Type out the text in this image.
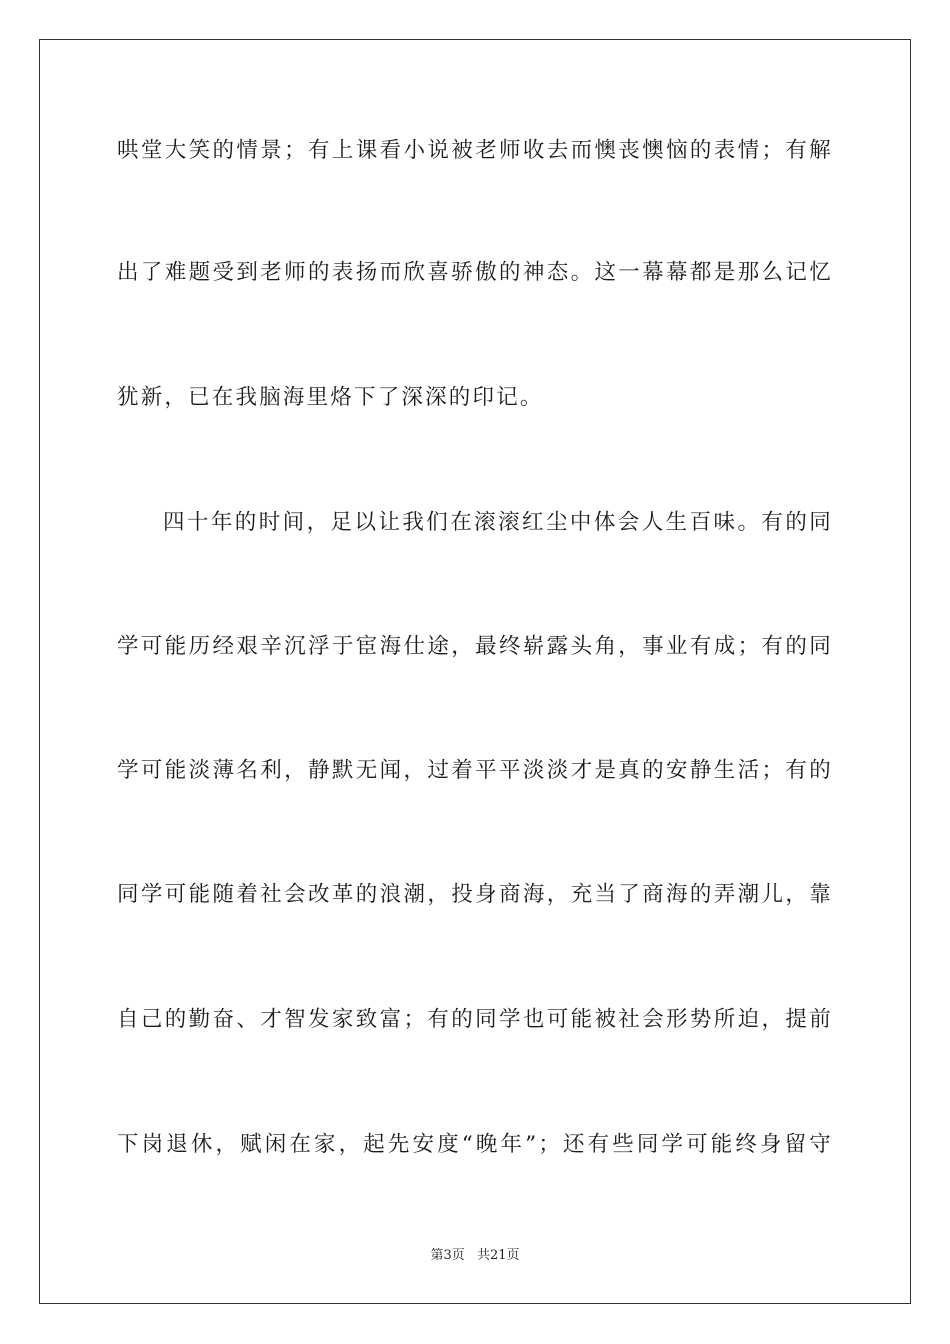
哄堂大笑的情景；有上课看小说被老师收去而懊丧懊恼的表情；有解
出了难题受到老师的表扬而欣喜骄傲的神态。这一幕幕都是那么记忆
犹新，已在我脑海里烙下了深深的印记。
四十年的时间，足以让我们在滚滚红尘中体会人生百味。有的同
学可能历经艰辛沉浮于宦海仕途，最终崭露头角，事业有成；有的同
学可能淡薄名利，静默无闻，过着平平淡淡才是真的安静生活；有的
同学可能随着社会改革的浪潮，投身商海，充当了商海的弄潮儿，靠
自己的勤奋、才智发家致富；有的同学也可能被社会形势所迫，提前
下岗退休，赋闲在家，起先安度“晚年”；还有些同学可能终身留守
第3页 共21页
